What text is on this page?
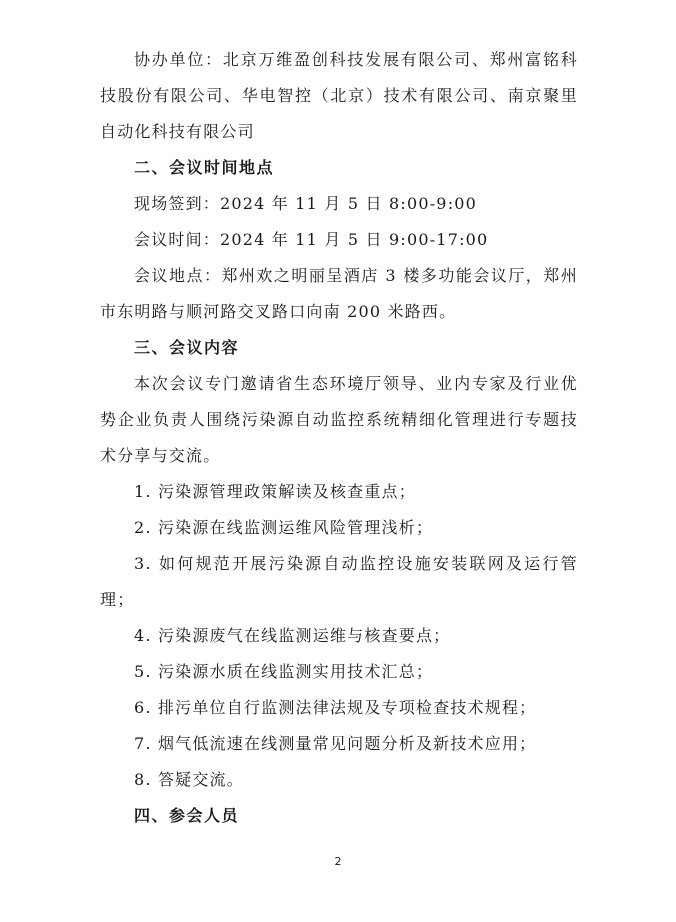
协办单位：北京万维盈创科技发展有限公司、郑州富铭科技股份有限公司、华电智控（北京）技术有限公司、南京聚里自动化科技有限公司

二、会议时间地点

现场签到：2024 年 11 月 5 日 8:00-9:00

会议时间：2024 年 11 月 5 日 9:00-17:00

会议地点：郑州欢之明丽呈酒店 3 楼多功能会议厅，郑州市东明路与顺河路交叉路口向南 200 米路西。

三、会议内容

本次会议专门邀请省生态环境厅领导、业内专家及行业优势企业负责人围绕污染源自动监控系统精细化管理进行专题技术分享与交流。

1. 污染源管理政策解读及核查重点；

2. 污染源在线监测运维风险管理浅析；

3. 如何规范开展污染源自动监控设施安装联网及运行管理；

4. 污染源废气在线监测运维与核查要点；

5. 污染源水质在线监测实用技术汇总；

6. 排污单位自行监测法律法规及专项检查技术规程；

7. 烟气低流速在线测量常见问题分析及新技术应用；

8. 答疑交流。

四、参会人员
2
